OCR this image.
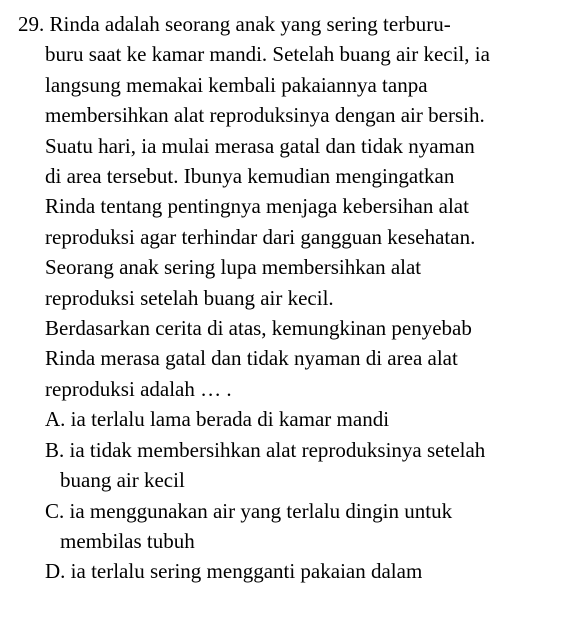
29. Rinda adalah seorang anak yang sering terburu-
buru saat ke kamar mandi. Setelah buang air kecil, ia
langsung memakai kembali pakaiannya tanpa
membersihkan alat reproduksinya dengan air bersih.
Suatu hari, ia mulai merasa gatal dan tidak nyaman
di area tersebut. Ibunya kemudian mengingatkan
Rinda tentang pentingnya menjaga kebersihan alat
reproduksi agar terhindar dari gangguan kesehatan.
Seorang anak sering lupa membersihkan alat
reproduksi setelah buang air kecil.
Berdasarkan cerita di atas, kemungkinan penyebab
Rinda merasa gatal dan tidak nyaman di area alat
reproduksi adalah … .
A. ia terlalu lama berada di kamar mandi
B. ia tidak membersihkan alat reproduksinya setelah
buang air kecil
C. ia menggunakan air yang terlalu dingin untuk
membilas tubuh
D. ia terlalu sering mengganti pakaian dalam
